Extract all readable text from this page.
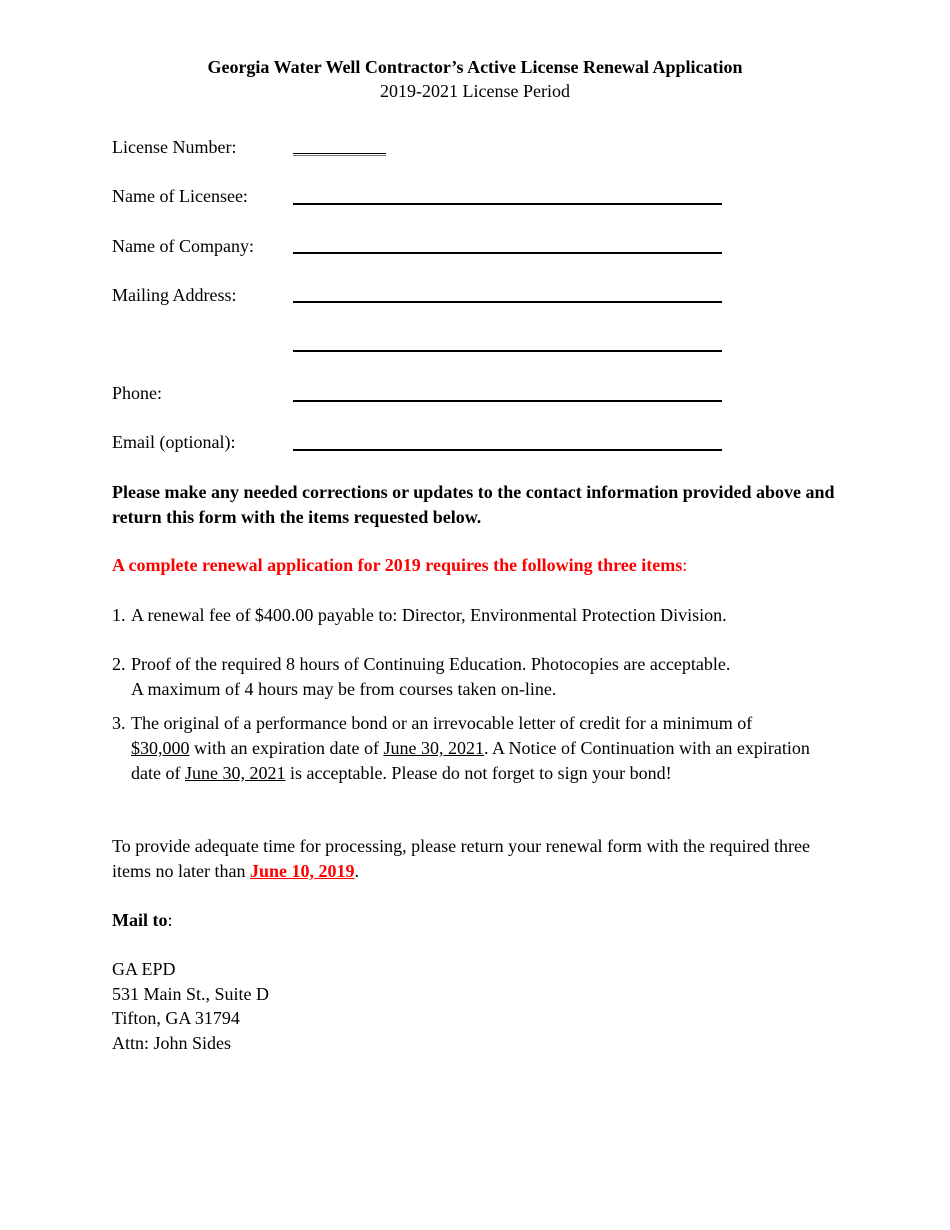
Georgia Water Well Contractor’s Active License Renewal Application
2019-2021 License Period
License Number:
Name of Licensee:
Name of Company:
Mailing Address:
Phone:
Email (optional):
Please make any needed corrections or updates to the contact information provided above and return this form with the items requested below.
A complete renewal application for 2019 requires the following three items:
1. A renewal fee of $400.00 payable to: Director, Environmental Protection Division.
2. Proof of the required 8 hours of Continuing Education. Photocopies are acceptable.
A maximum of 4 hours may be from courses taken on-line.
3. The original of a performance bond or an irrevocable letter of credit for a minimum of $30,000 with an expiration date of June 30, 2021. A Notice of Continuation with an expiration date of June 30, 2021 is acceptable. Please do not forget to sign your bond!
To provide adequate time for processing, please return your renewal form with the required three items no later than June 10, 2019.
Mail to:
GA EPD
531 Main St., Suite D
Tifton, GA 31794
Attn: John Sides
